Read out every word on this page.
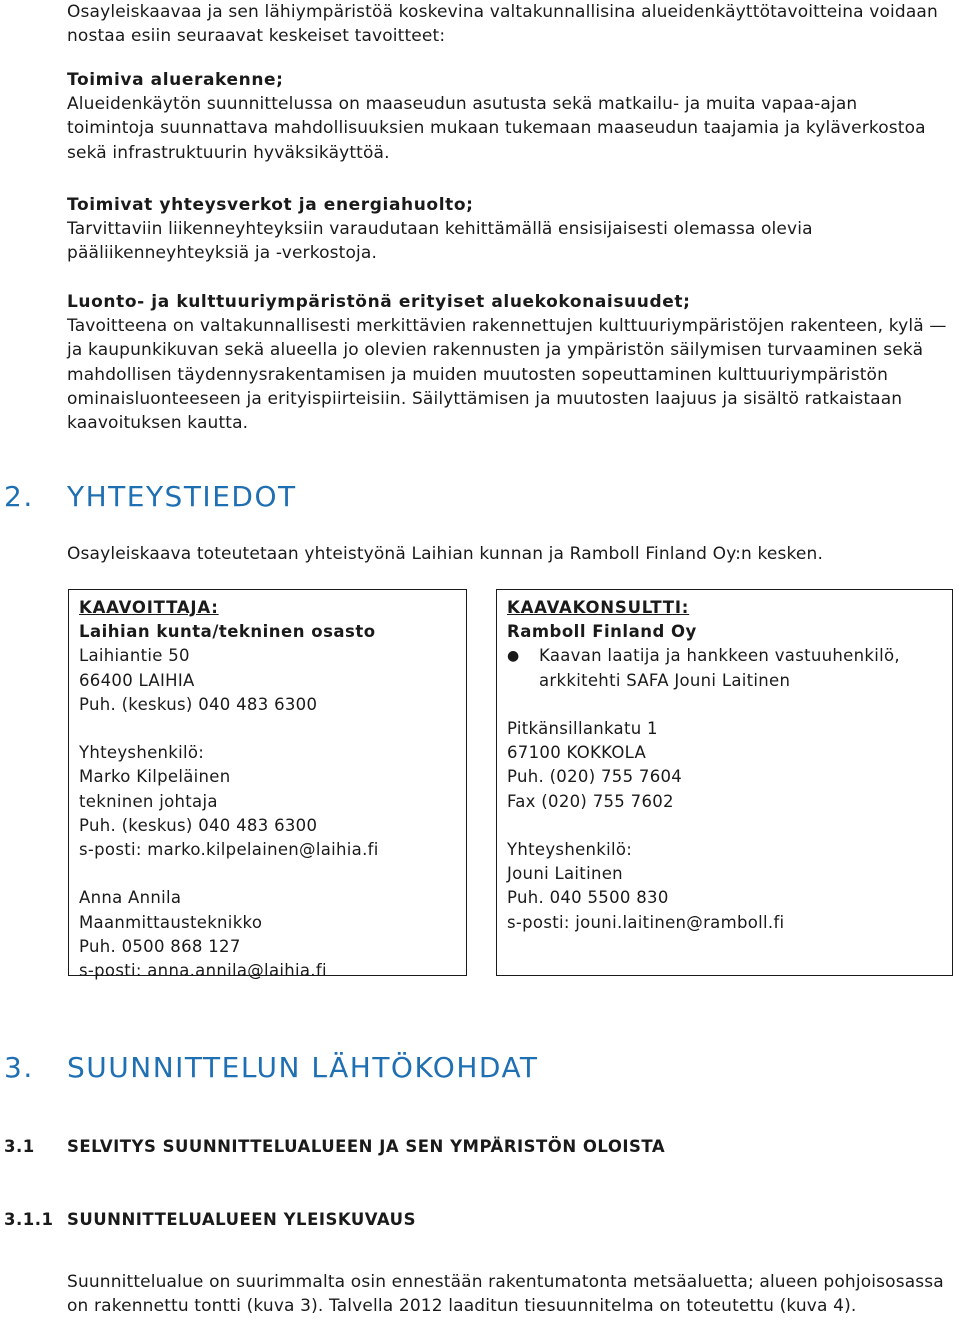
Osayleiskaavaa ja sen lähiympäristöä koskevina valtakunnallisina alueidenkäyttötavoitteina voidaan nostaa esiin seuraavat keskeiset tavoitteet:
Toimiva aluerakenne;
Alueidenkäytön suunnittelussa on maaseudun asutusta sekä matkailu- ja muita vapaa-ajan toimintoja suunnattava mahdollisuuksien mukaan tukemaan maaseudun taajamia ja kyläverkostoa sekä infrastruktuurin hyväksikäyttöä.
Toimivat yhteysverkot ja energiahuolto;
Tarvittaviin liikenneyhteyksiin varaudutaan kehittämällä ensisijaisesti olemassa olevia pääliikenneyhteyksiä ja -verkostoja.
Luonto- ja kulttuuriympäristönä erityiset aluekokonaisuudet;
Tavoitteena on valtakunnallisesti merkittävien rakennettujen kulttuuriympäristöjen rakenteen, kylä — ja kaupunkikuvan sekä alueella jo olevien rakennusten ja ympäristön säilymisen turvaaminen sekä mahdollisen täydennysrakentamisen ja muiden muutosten sopeuttaminen kulttuuriympäristön ominaisluonteeseen ja erityispiirteisiin. Säilyttämisen ja muutosten laajuus ja sisältö ratkaistaan kaavoituksen kautta.
2. YHTEYSTIEDOT
Osayleiskaava toteutetaan yhteistyönä Laihian kunnan ja Ramboll Finland Oy:n kesken.
KAAVOITTAJA:
Laihian kunta/tekninen osasto
Laihiantie 50
66400 LAIHIA
Puh. (keskus) 040 483 6300
Yhteyshenkilö:
Marko Kilpeläinen
tekninen johtaja
Puh. (keskus) 040 483 6300
s-posti: marko.kilpelainen@laihia.fi
Anna Annila
Maanmittausteknikko
Puh. 0500 868 127
s-posti: anna.annila@laihia.fi
KAAVAKONSULTTI:
Ramboll Finland Oy
●	Kaavan laatija ja hankkeen vastuuhenkilö, arkkitehti SAFA Jouni Laitinen
Pitkänsillankatu 1
67100 KOKKOLA
Puh. (020) 755 7604
Fax (020) 755 7602
Yhteyshenkilö:
Jouni Laitinen
Puh. 040 5500 830
s-posti: jouni.laitinen@ramboll.fi
3. SUUNNITTELUN LÄHTÖKOHDAT
3.1 SELVITYS SUUNNITTELUALUEEN JA SEN YMPÄRISTÖN OLOISTA
3.1.1 SUUNNITTELUALUEEN YLEISKUVAUS
Suunnittelualue on suurimmalta osin ennestään rakentumatonta metsäaluetta; alueen pohjoisosassa on rakennettu tontti (kuva 3). Talvella 2012 laaditun tiesuunnitelma on toteutettu (kuva 4).
